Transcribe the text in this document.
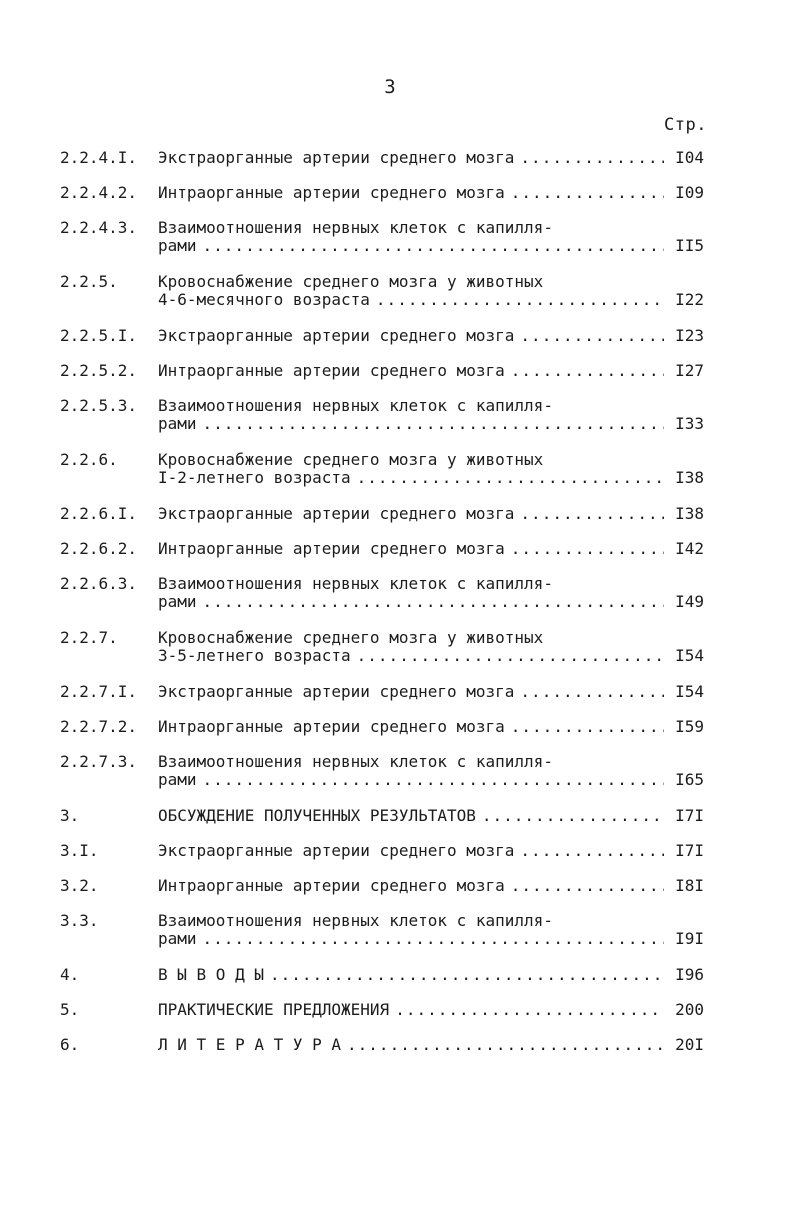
3
Стр.
2.2.4.I. Экстраорганные артерии среднего мозга .....	I04
2.2.4.2. Интраорганные артерии среднего мозга .....	I09
2.2.4.3. Взаимоотношения нервных клеток с капилля-
рами .....	II5
2.2.5.	Кровоснабжение среднего мозга у животных
4-6-месячного возраста .....	I22
2.2.5.I. Экстраорганные артерии среднего мозга .....	I23
2.2.5.2. Интраорганные артерии среднего мозга .....	I27
2.2.5.3. Взаимоотношения нервных клеток с капилля-
рами .....	I33
2.2.6.	Кровоснабжение среднего мозга у животных
I-2-летнего возраста .....	I38
2.2.6.I. Экстраорганные артерии среднего мозга .....	I38
2.2.6.2. Интраорганные артерии среднего мозга .....	I42
2.2.6.3. Взаимоотношения нервных клеток с капилля-
рами .....	I49
2.2.7.	Кровоснабжение среднего мозга у животных
3-5-летнего возраста .....	I54
2.2.7.I. Экстраорганные артерии среднего мозга .....	I54
2.2.7.2. Интраорганные артерии среднего мозга .....	I59
2.2.7.3. Взаимоотношения нервных клеток с капилля-
рами .....	I65
3.	ОБСУЖДЕНИЕ ПОЛУЧЕННЫХ РЕЗУЛЬТАТОВ .....	I7I
3.I.	Экстраорганные артерии среднего мозга .....	I7I
3.2.	Интраорганные артерии среднего мозга .....	I8I
3.3.	Взаимоотношения нервных клеток с капилля-
рами .....	I9I
4.	В Ы В О Д Ы .....	I96
5.	ПРАКТИЧЕСКИЕ ПРЕДЛОЖЕНИЯ .....	200
6.	Л И Т Е Р А Т У Р А .....	20I
